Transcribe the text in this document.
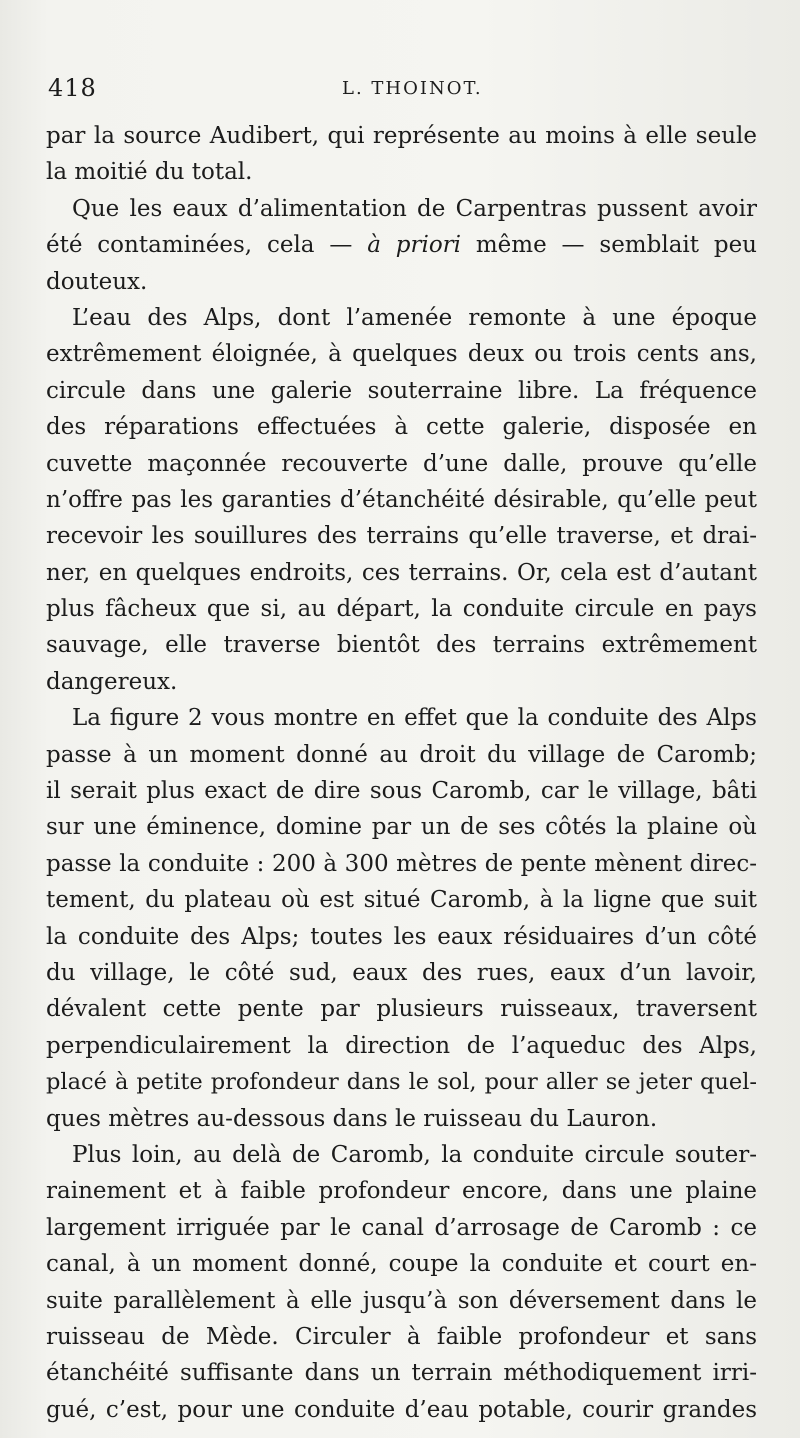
418	L. THOINOT.
par la source Audibert, qui représente au moins à elle seule
la moitié du total.
Que les eaux d’alimentation de Carpentras pussent avoir
été contaminées, cela — à priori même — semblait peu
douteux.
L’eau des Alps, dont l’amenée remonte à une époque
extrêmement éloignée, à quelques deux ou trois cents ans,
circule dans une galerie souterraine libre. La fréquence
des réparations effectuées à cette galerie, disposée en
cuvette maçonnée recouverte d’une dalle, prouve qu’elle
n’offre pas les garanties d’étanchéité désirable, qu’elle peut
recevoir les souillures des terrains qu’elle traverse, et drai-
ner, en quelques endroits, ces terrains. Or, cela est d’autant
plus fâcheux que si, au départ, la conduite circule en pays
sauvage, elle traverse bientôt des terrains extrêmement
dangereux.
La figure 2 vous montre en effet que la conduite des Alps
passe à un moment donné au droit du village de Caromb;
il serait plus exact de dire sous Caromb, car le village, bâti
sur une éminence, domine par un de ses côtés la plaine où
passe la conduite : 200 à 300 mètres de pente mènent direc-
tement, du plateau où est situé Caromb, à la ligne que suit
la conduite des Alps; toutes les eaux résiduaires d’un côté
du village, le côté sud, eaux des rues, eaux d’un lavoir,
dévalent cette pente par plusieurs ruisseaux, traversent
perpendiculairement la direction de l’aqueduc des Alps,
placé à petite profondeur dans le sol, pour aller se jeter quel-
ques mètres au-dessous dans le ruisseau du Lauron.
Plus loin, au delà de Caromb, la conduite circule souter-
rainement et à faible profondeur encore, dans une plaine
largement irriguée par le canal d’arrosage de Caromb : ce
canal, à un moment donné, coupe la conduite et court en-
suite parallèlement à elle jusqu’à son déversement dans le
ruisseau de Mède. Circuler à faible profondeur et sans
étanchéité suffisante dans un terrain méthodiquement irri-
gué, c’est, pour une conduite d’eau potable, courir grandes
